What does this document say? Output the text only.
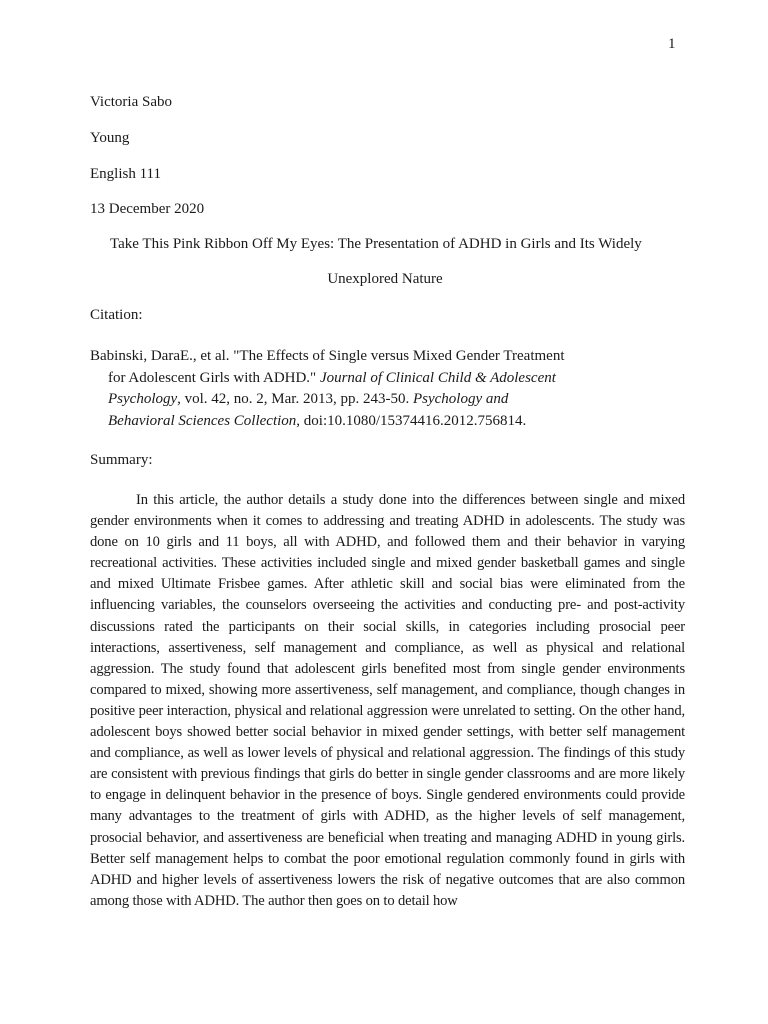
1
Victoria Sabo
Young
English 111
13 December 2020
Take This Pink Ribbon Off My Eyes: The Presentation of ADHD in Girls and Its Widely
Unexplored Nature
Citation:
Babinski, DaraE., et al. "The Effects of Single versus Mixed Gender Treatment for Adolescent Girls with ADHD." Journal of Clinical Child & Adolescent Psychology, vol. 42, no. 2, Mar. 2013, pp. 243-50. Psychology and Behavioral Sciences Collection, doi:10.1080/15374416.2012.756814.
Summary:
In this article, the author details a study done into the differences between single and mixed gender environments when it comes to addressing and treating ADHD in adolescents. The study was done on 10 girls and 11 boys, all with ADHD, and followed them and their behavior in varying recreational activities. These activities included single and mixed gender basketball games and single and mixed Ultimate Frisbee games. After athletic skill and social bias were eliminated from the influencing variables, the counselors overseeing the activities and conducting pre- and post-activity discussions rated the participants on their social skills, in categories including prosocial peer interactions, assertiveness, self management and compliance, as well as physical and relational aggression. The study found that adolescent girls benefited most from single gender environments compared to mixed, showing more assertiveness, self management, and compliance, though changes in positive peer interaction, physical and relational aggression were unrelated to setting. On the other hand, adolescent boys showed better social behavior in mixed gender settings, with better self management and compliance, as well as lower levels of physical and relational aggression. The findings of this study are consistent with previous findings that girls do better in single gender classrooms and are more likely to engage in delinquent behavior in the presence of boys. Single gendered environments could provide many advantages to the treatment of girls with ADHD, as the higher levels of self management, prosocial behavior, and assertiveness are beneficial when treating and managing ADHD in young girls. Better self management helps to combat the poor emotional regulation commonly found in girls with ADHD and higher levels of assertiveness lowers the risk of negative outcomes that are also common among those with ADHD. The author then goes on to detail how
